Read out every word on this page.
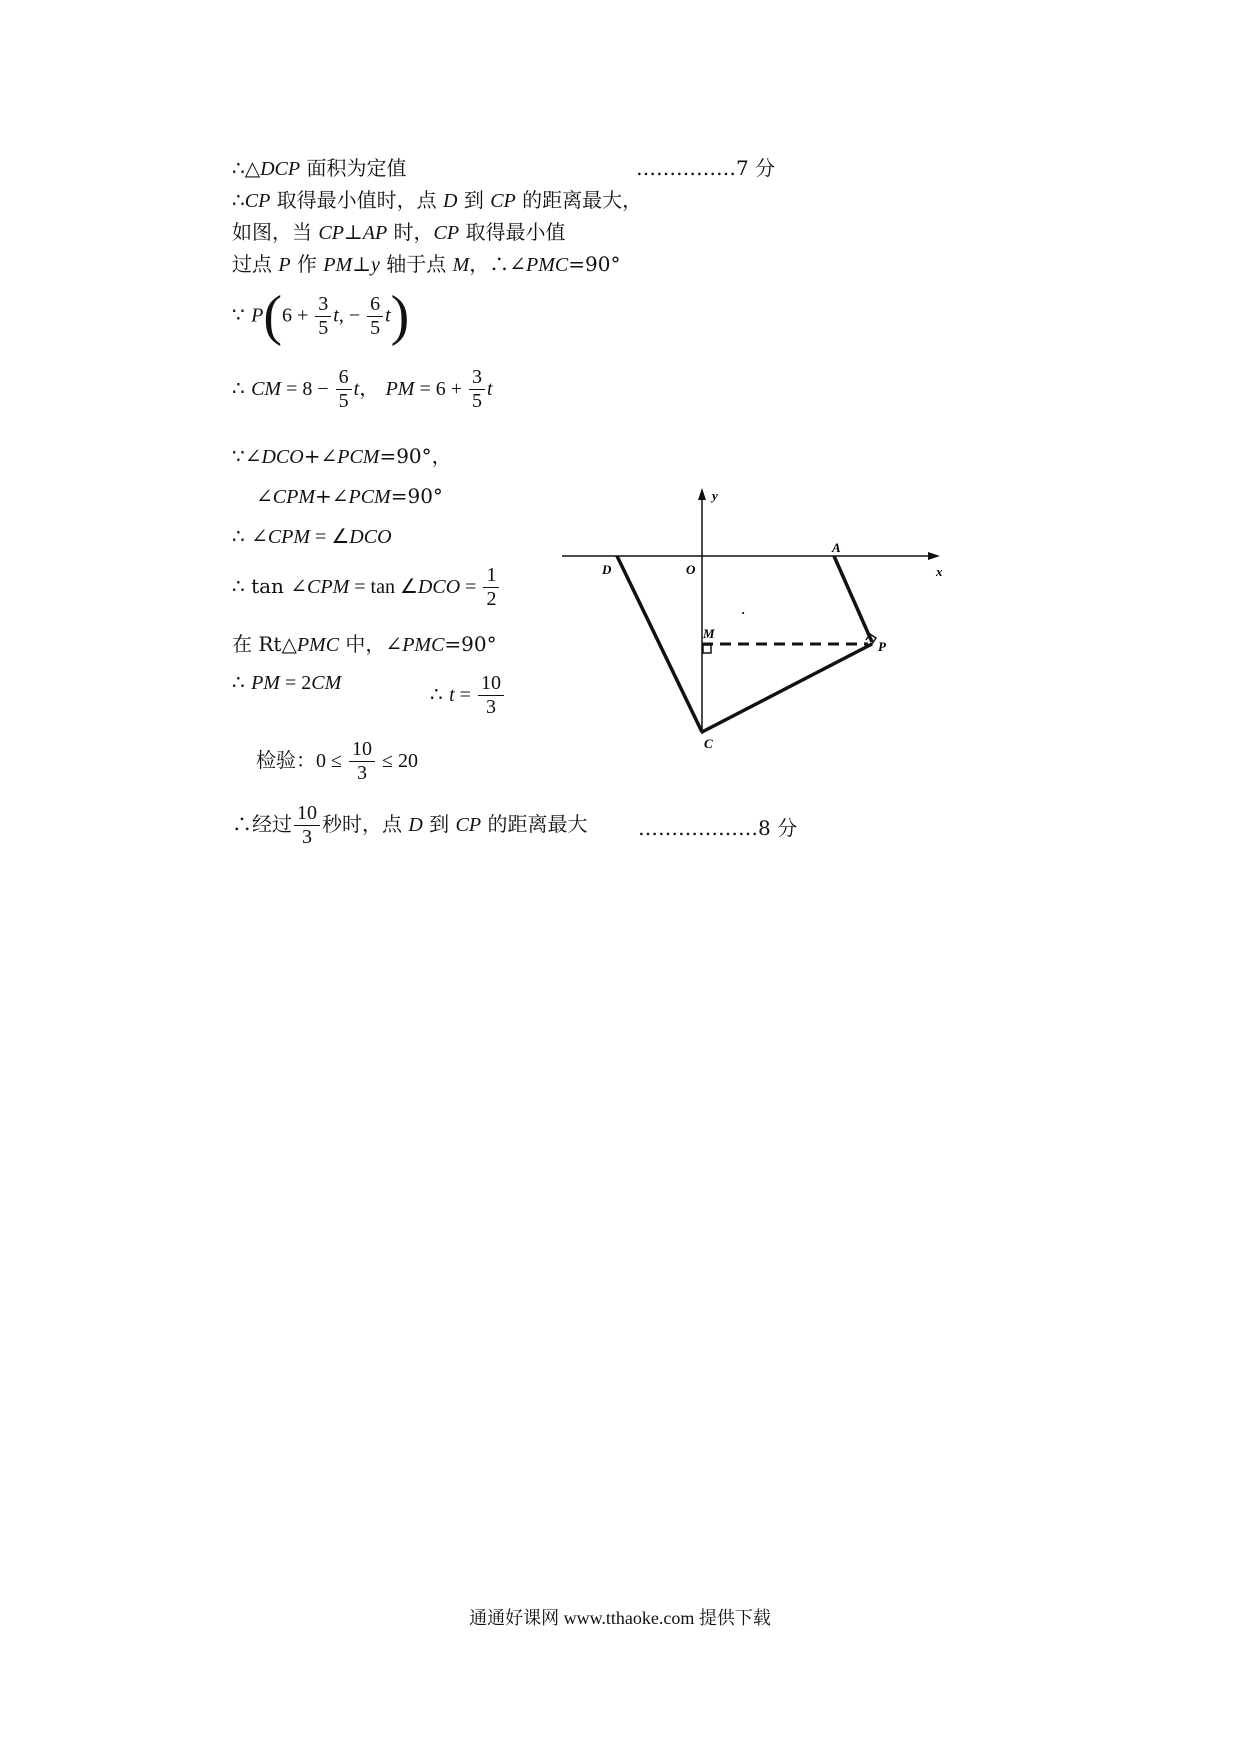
∴△DCP 面积为定值	……………7 分
∴CP 取得最小值时，点 D 到 CP 的距离最大，
如图，当 CP⊥AP 时，CP 取得最小值
过点 P 作 PM⊥y 轴于点 M，∴∠PMC=90°
∵ $P(6 + \frac{3}{5} t$, − $\frac{6}{5} t$)
∴ CM = $8 - \frac{6}{5}$ t， PM = $6 + \frac{3}{5}$ t
∵∠DCO+∠PCM=90°，
∠CPM+∠PCM=90°
∴ ∠CPM = ∠DCO
∴ tan ∠CPM = tan ∠DCO = $\frac{1}{2}$
在 Rt△PMC 中，∠PMC=90°
∴ PM = 2CM	∴ $t = \frac{10}{3}$
检验：$0 \le \frac{10}{3} \le 20$
∴经过 $\frac{10}{3}$ 秒时，点 D 到 CP 的距离最大	………………8 分
y
x
O
A
D
M
P
C
.
通通好课网 www.tthaoke.com 提供下载
